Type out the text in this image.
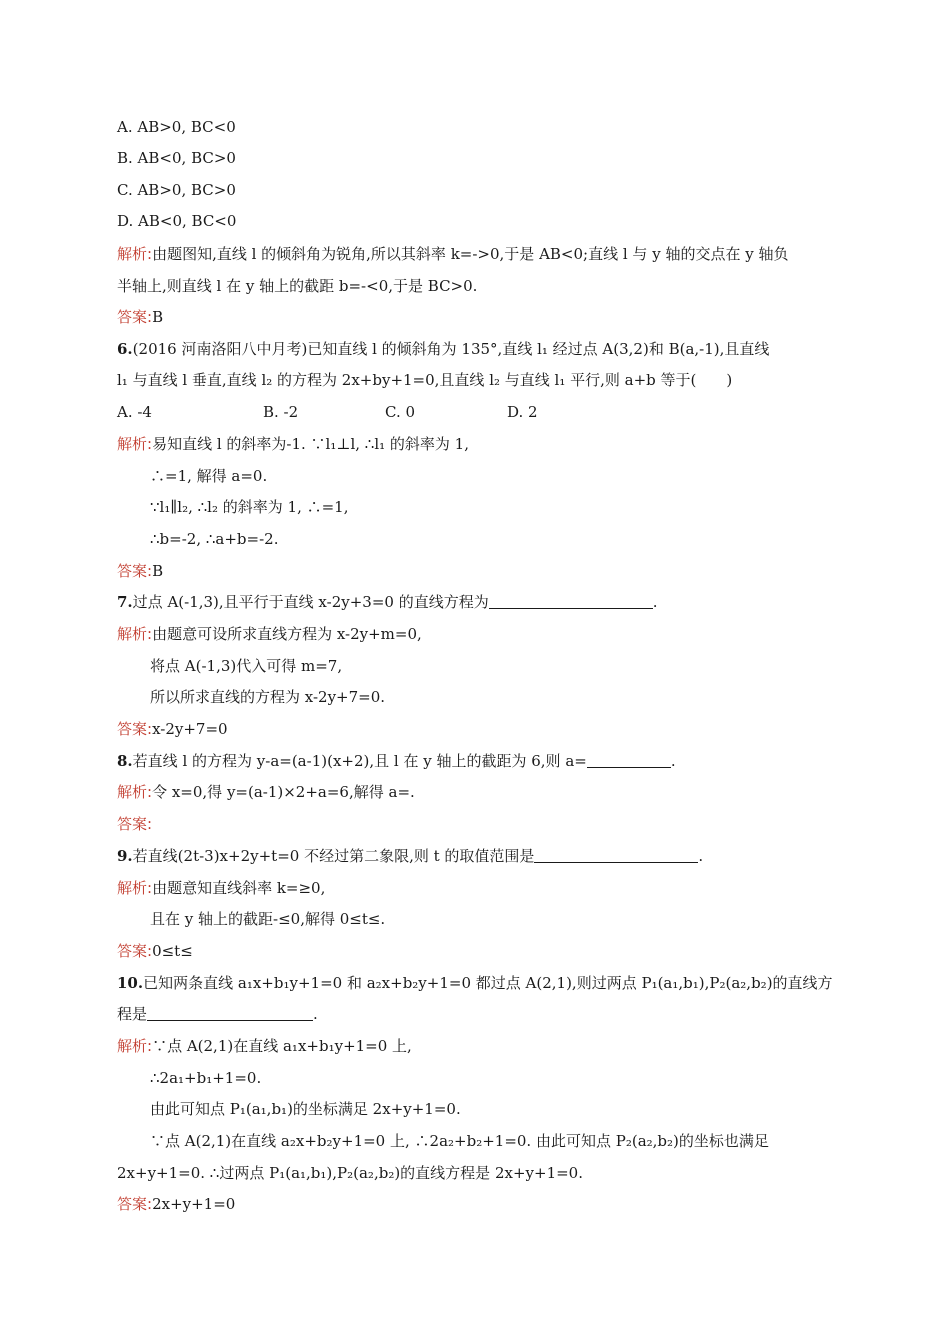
A. AB>0, BC<0
B. AB<0, BC>0
C. AB>0, BC>0
D. AB<0, BC<0
解析:由题图知,直线 l 的倾斜角为锐角,所以其斜率 k=->0,于是 AB<0;直线 l 与 y 轴的交点在 y 轴负
半轴上,则直线 l 在 y 轴上的截距 b=-<0,于是 BC>0.
答案:B
6.(2016 河南洛阳八中月考)已知直线 l 的倾斜角为 135°,直线 l₁ 经过点 A(3,2)和 B(a,-1),且直线
l₁ 与直线 l 垂直,直线 l₂ 的方程为 2x+by+1=0,且直线 l₂ 与直线 l₁ 平行,则 a+b 等于(　　)
A. -4	B. -2	C. 0	D. 2
解析:易知直线 l 的斜率为-1. ∵l₁⊥l, ∴l₁ 的斜率为 1,
∴=1, 解得 a=0.
∵l₁∥l₂, ∴l₂ 的斜率为 1, ∴=1,
∴b=-2, ∴a+b=-2.
答案:B
7.过点 A(-1,3),且平行于直线 x-2y+3=0 的直线方程为	.
解析:由题意可设所求直线方程为 x-2y+m=0,
将点 A(-1,3)代入可得 m=7,
所以所求直线的方程为 x-2y+7=0.
答案:x-2y+7=0
8.若直线 l 的方程为 y-a=(a-1)(x+2),且 l 在 y 轴上的截距为 6,则 a=	.
解析:令 x=0,得 y=(a-1)×2+a=6,解得 a=.
答案:
9.若直线(2t-3)x+2y+t=0 不经过第二象限,则 t 的取值范围是	.
解析:由题意知直线斜率 k=≥0,
且在 y 轴上的截距-≤0,解得 0≤t≤.
答案:0≤t≤
10.已知两条直线 a₁x+b₁y+1=0 和 a₂x+b₂y+1=0 都过点 A(2,1),则过两点 P₁(a₁,b₁),P₂(a₂,b₂)的直线方
程是	.
解析:∵点 A(2,1)在直线 a₁x+b₁y+1=0 上,
∴2a₁+b₁+1=0.
由此可知点 P₁(a₁,b₁)的坐标满足 2x+y+1=0.
∵点 A(2,1)在直线 a₂x+b₂y+1=0 上, ∴2a₂+b₂+1=0. 由此可知点 P₂(a₂,b₂)的坐标也满足
2x+y+1=0. ∴过两点 P₁(a₁,b₁),P₂(a₂,b₂)的直线方程是 2x+y+1=0.
答案:2x+y+1=0
